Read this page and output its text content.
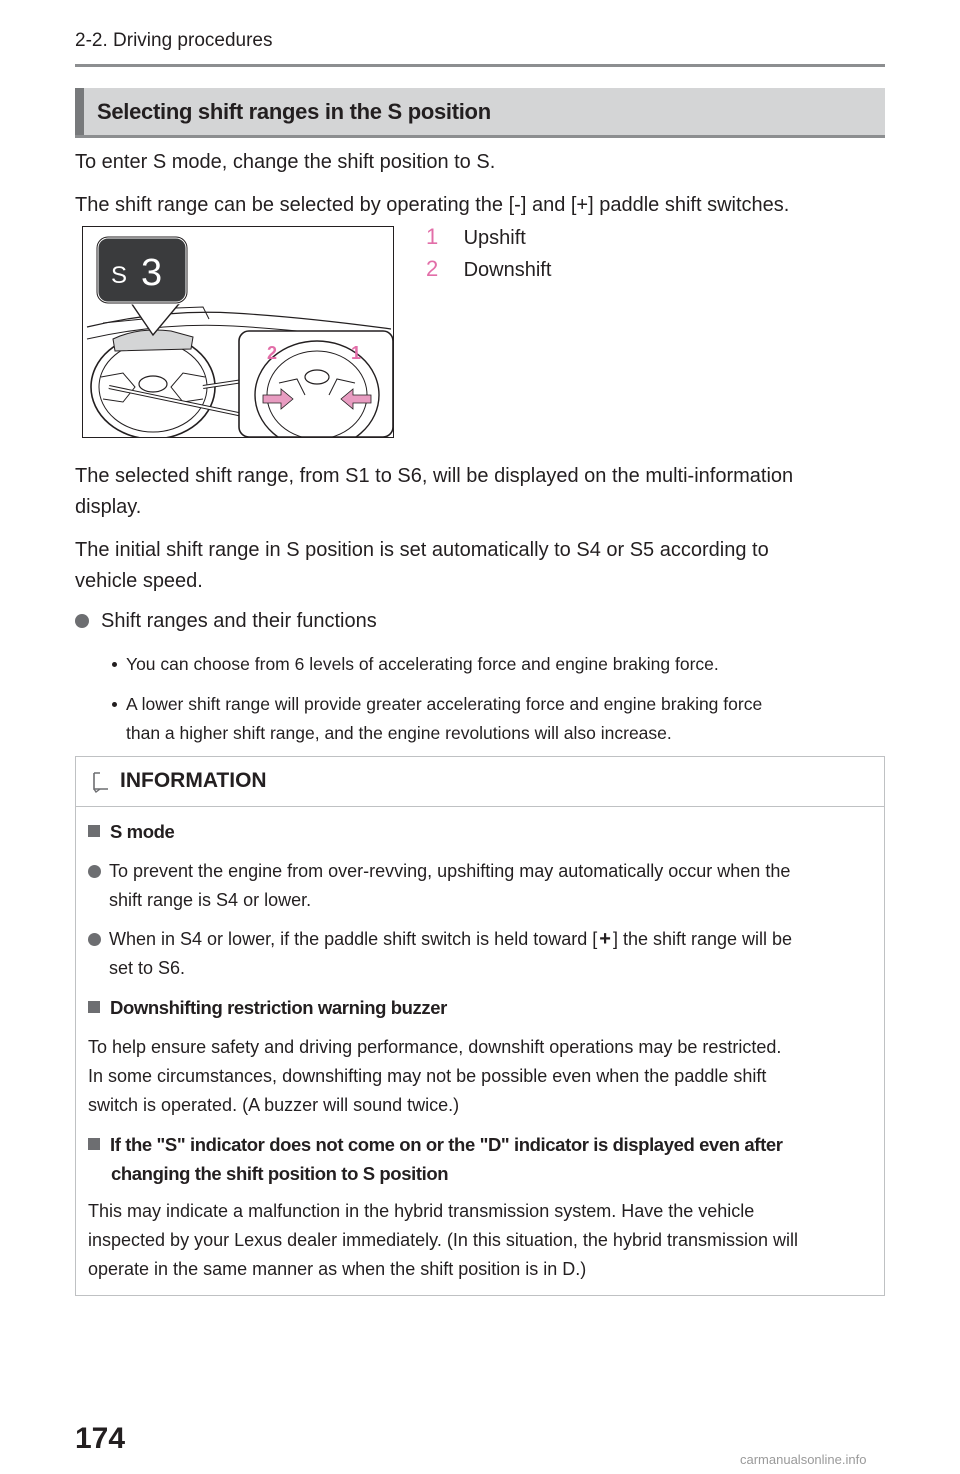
2-2. Driving procedures
Selecting shift ranges in the S position
To enter S mode, change the shift position to S.
The shift range can be selected by operating the [-] and [+] paddle shift switches.
2	1
S 3
1 Upshift
2 Downshift
The selected shift range, from S1 to S6, will be displayed on the multi-information
display.
The initial shift range in S position is set automatically to S4 or S5 according to
vehicle speed.
Shift ranges and their functions
You can choose from 6 levels of accelerating force and engine braking force.
A lower shift range will provide greater accelerating force and engine braking force
than a higher shift range, and the engine revolutions will also increase.
INFORMATION
S mode
To prevent the engine from over-revving, upshifting may automatically occur when the
shift range is S4 or lower.
When in S4 or lower, if the paddle shift switch is held toward [ + ] the shift range will be
set to S6.
Downshifting restriction warning buzzer
To help ensure safety and driving performance, downshift operations may be restricted.
In some circumstances, downshifting may not be possible even when the paddle shift
switch is operated. (A buzzer will sound twice.)
If the "S" indicator does not come on or the "D" indicator is displayed even after
changing the shift position to S position
This may indicate a malfunction in the hybrid transmission system. Have the vehicle
inspected by your Lexus dealer immediately. (In this situation, the hybrid transmission will
operate in the same manner as when the shift position is in D.)
174
carmanualsonline.info
